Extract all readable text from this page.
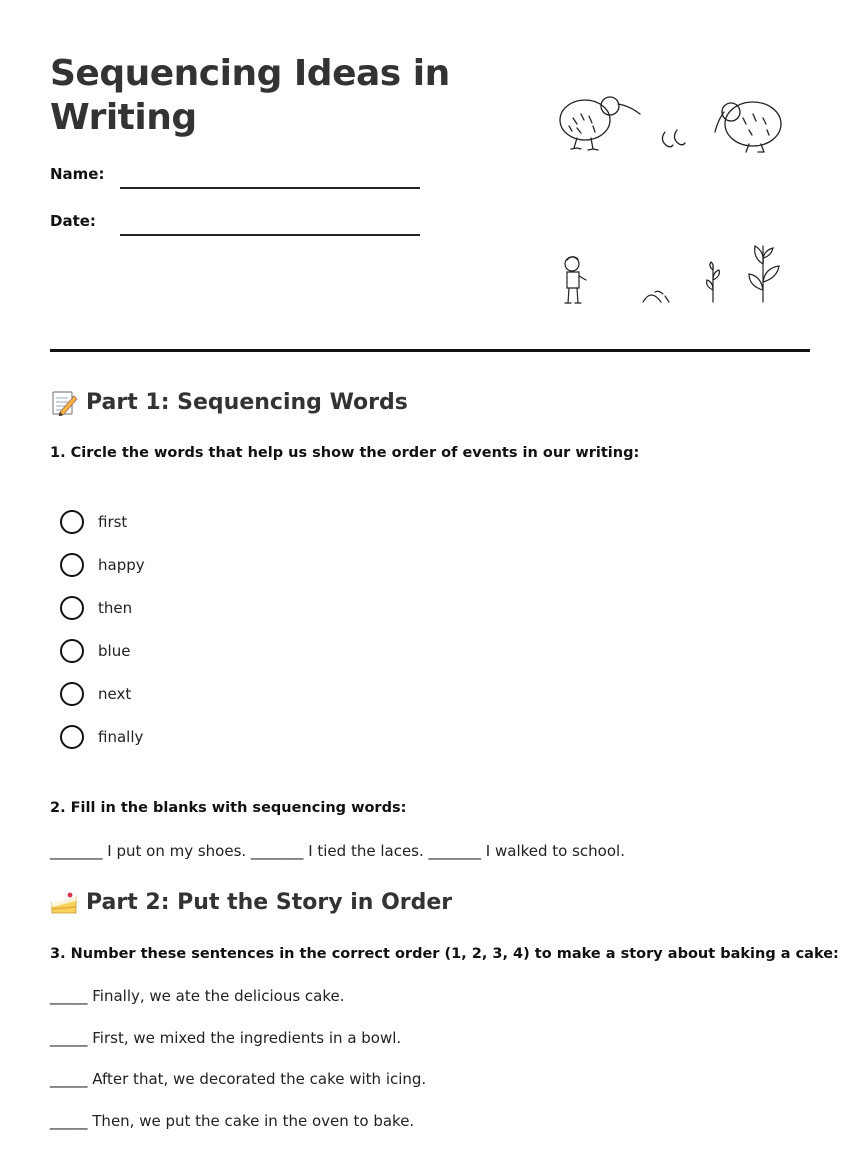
Sequencing Ideas in Writing
Name:
Date:
Part 1: Sequencing Words
1. Circle the words that help us show the order of events in our writing:
first
happy
then
blue
next
finally
2. Fill in the blanks with sequencing words:
_______ I put on my shoes. _______ I tied the laces. _______ I walked to school.
Part 2: Put the Story in Order
3. Number these sentences in the correct order (1, 2, 3, 4) to make a story about baking a cake:
_____ Finally, we ate the delicious cake.
_____ First, we mixed the ingredients in a bowl.
_____ After that, we decorated the cake with icing.
_____ Then, we put the cake in the oven to bake.
